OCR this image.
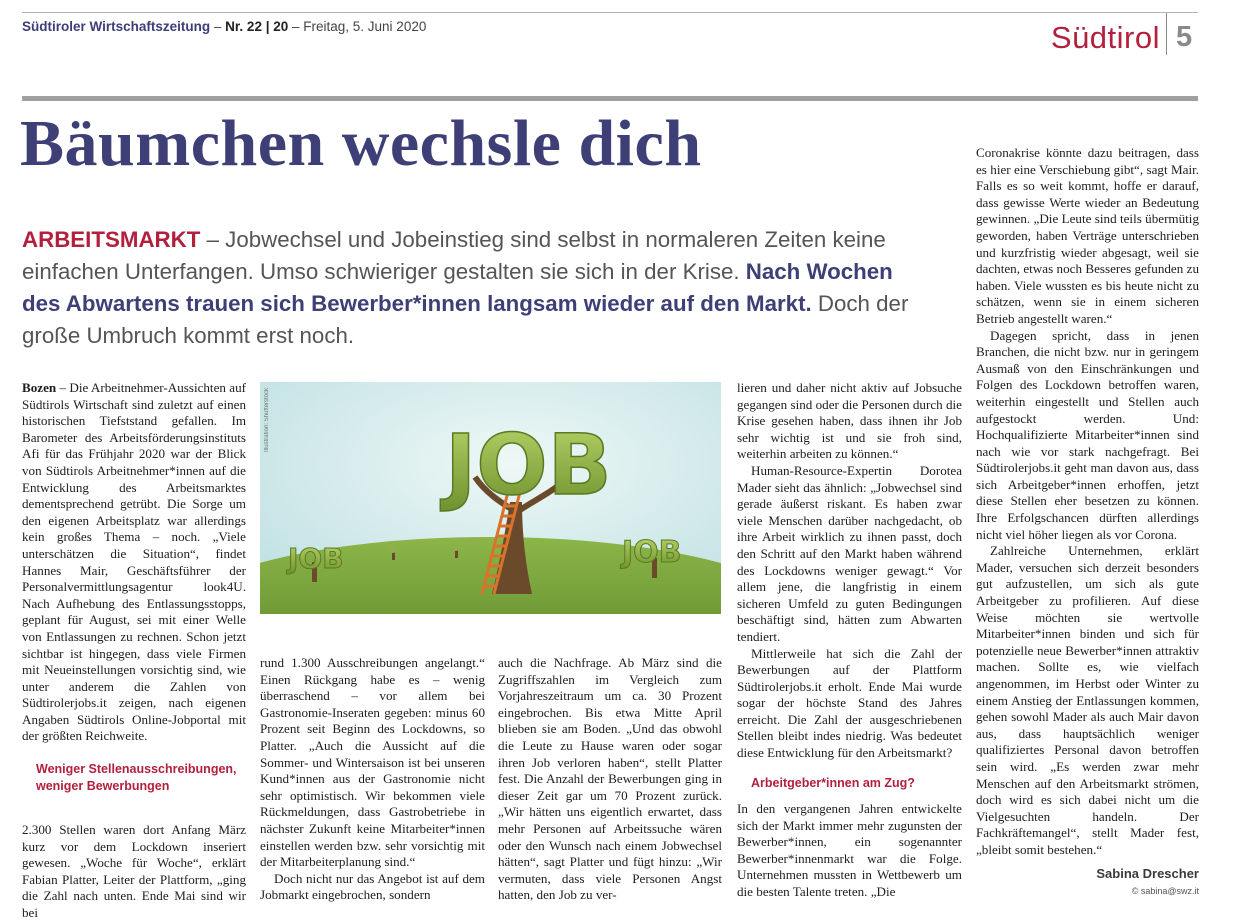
Südtiroler Wirtschaftszeitung – Nr. 22 | 20 – Freitag, 5. Juni 2020	Südtirol 5
Bäumchen wechsle dich
ARBEITSMARKT – Jobwechsel und Jobeinstieg sind selbst in normaleren Zeiten keine einfachen Unterfangen. Umso schwieriger gestalten sie sich in der Krise. Nach Wochen des Abwartens trauen sich Bewerber*innen langsam wieder auf den Markt. Doch der große Umbruch kommt erst noch.

Bozen – Die Arbeitnehmer-Aussichten auf Südtirols Wirtschaft sind zuletzt auf einen historischen Tiefststand gefallen. Im Barometer des Arbeitsförderungsinstituts Afi für das Frühjahr 2020 war der Blick von Südtirols Arbeitnehmer*innen auf die Entwicklung des Arbeitsmarktes dementsprechend getrübt. Die Sorge um den eigenen Arbeitsplatz war allerdings kein großes Thema – noch. „Viele unterschätzen die Situation“, findet Hannes Mair, Geschäftsführer der Personalvermittlungsagentur look4U. Nach Aufhebung des Entlassungsstopps, geplant für August, sei mit einer Welle von Entlassungen zu rechnen. Schon jetzt sichtbar ist hingegen, dass viele Firmen mit Neueinstellungen vorsichtig sind, wie unter anderem die Zahlen von Südtirolerjobs.it zeigen, nach eigenen Angaben Südtirols Online-Jobportal mit der größten Reichweite.

Weniger Stellenausschreibungen, weniger Bewerbungen

2.300 Stellen waren dort Anfang März kurz vor dem Lockdown inseriert gewesen. „Woche für Woche“, erklärt Fabian Platter, Leiter der Plattform, „ging die Zahl nach unten. Ende Mai sind wir bei

JOB
JOB	JOB
Illustration: Shutterstock

rund 1.300 Ausschreibungen angelangt.“ Einen Rückgang habe es – wenig überraschend – vor allem bei Gastronomie-Inseraten gegeben: minus 60 Prozent seit Beginn des Lockdowns, so Platter. „Auch die Aussicht auf die Sommer- und Wintersaison ist bei unseren Kund*innen aus der Gastronomie nicht sehr optimistisch. Wir bekommen viele Rückmeldungen, dass Gastrobetriebe in nächster Zukunft keine Mitarbeiter*innen einstellen werden bzw. sehr vorsichtig mit der Mitarbeiterplanung sind.“

Doch nicht nur das Angebot ist auf dem Jobmarkt eingebrochen, sondern

auch die Nachfrage. Ab März sind die Zugriffszahlen im Vergleich zum Vorjahreszeitraum um ca. 30 Prozent eingebrochen. Bis etwa Mitte April blieben sie am Boden. „Und das obwohl die Leute zu Hause waren oder sogar ihren Job verloren haben“, stellt Platter fest. Die Anzahl der Bewerbungen ging in dieser Zeit gar um 70 Prozent zurück. „Wir hätten uns eigentlich erwartet, dass mehr Personen auf Arbeitssuche wären oder den Wunsch nach einem Jobwechsel hätten“, sagt Platter und fügt hinzu: „Wir vermuten, dass viele Personen Angst hatten, den Job zu ver-

lieren und daher nicht aktiv auf Jobsuche gegangen sind oder die Personen durch die Krise gesehen haben, dass ihnen ihr Job sehr wichtig ist und sie froh sind, weiterhin arbeiten zu können.“

Human-Resource-Expertin Dorotea Mader sieht das ähnlich: „Jobwechsel sind gerade äußerst riskant. Es haben zwar viele Menschen darüber nachgedacht, ob ihre Arbeit wirklich zu ihnen passt, doch den Schritt auf den Markt haben während des Lockdowns weniger gewagt.“ Vor allem jene, die langfristig in einem sicheren Umfeld zu guten Bedingungen beschäftigt sind, hätten zum Abwarten tendiert.

Mittlerweile hat sich die Zahl der Bewerbungen auf der Plattform Südtirolerjobs.it erholt. Ende Mai wurde sogar der höchste Stand des Jahres erreicht. Die Zahl der ausgeschriebenen Stellen bleibt indes niedrig. Was bedeutet diese Entwicklung für den Arbeitsmarkt?

Arbeitgeber*innen am Zug?

In den vergangenen Jahren entwickelte sich der Markt immer mehr zugunsten der Bewerber*innen, ein sogenannter Bewerber*innenmarkt war die Folge. Unternehmen mussten in Wettbewerb um die besten Talente treten. „Die

Coronakrise könnte dazu beitragen, dass es hier eine Verschiebung gibt“, sagt Mair. Falls es so weit kommt, hoffe er darauf, dass gewisse Werte wieder an Bedeutung gewinnen. „Die Leute sind teils übermütig geworden, haben Verträge unterschrieben und kurzfristig wieder abgesagt, weil sie dachten, etwas noch Besseres gefunden zu haben. Viele wussten es bis heute nicht zu schätzen, wenn sie in einem sicheren Betrieb angestellt waren.“

Dagegen spricht, dass in jenen Branchen, die nicht bzw. nur in geringem Ausmaß von den Einschränkungen und Folgen des Lockdown betroffen waren, weiterhin eingestellt und Stellen auch aufgestockt werden. Und: Hochqualifizierte Mitarbeiter*innen sind nach wie vor stark nachgefragt. Bei Südtirolerjobs.it geht man davon aus, dass sich Arbeitgeber*innen erhoffen, jetzt diese Stellen eher besetzen zu können. Ihre Erfolgschancen dürften allerdings nicht viel höher liegen als vor Corona.

Zahlreiche Unternehmen, erklärt Mader, versuchen sich derzeit besonders gut aufzustellen, um sich als gute Arbeitgeber zu profilieren. Auf diese Weise möchten sie wertvolle Mitarbeiter*innen binden und sich für potenzielle neue Bewerber*innen attraktiv machen. Sollte es, wie vielfach angenommen, im Herbst oder Winter zu einem Anstieg der Entlassungen kommen, gehen sowohl Mader als auch Mair davon aus, dass hauptsächlich weniger qualifiziertes Personal davon betroffen sein wird. „Es werden zwar mehr Menschen auf den Arbeitsmarkt strömen, doch wird es sich dabei nicht um die Vielgesuchten handeln. Der Fachkräftemangel“, stellt Mader fest, „bleibt somit bestehen.“

Sabina Drescher
© sabina@swz.it
